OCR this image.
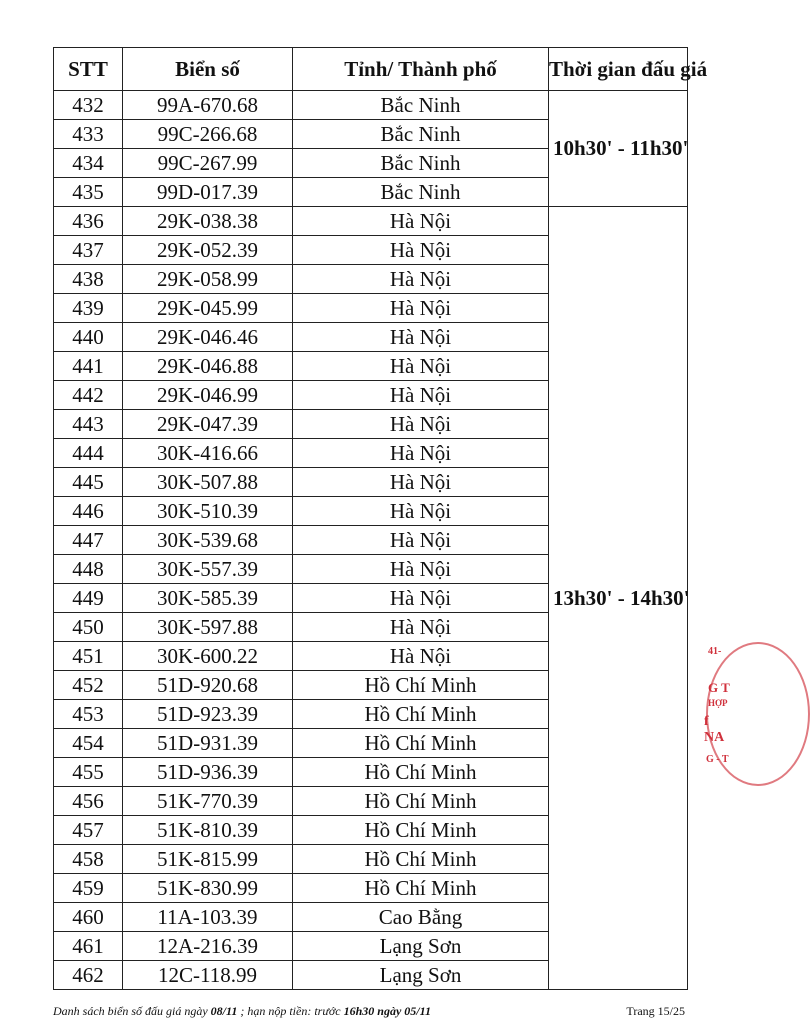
STT	Biển số	Tỉnh/ Thành phố	Thời gian đấu giá
432	99A-670.68	Bắc Ninh	10h30' - 11h30'
433	99C-266.68	Bắc Ninh	
434	99C-267.99	Bắc Ninh	
435	99D-017.39	Bắc Ninh	
436	29K-038.38	Hà Nội	13h30' - 14h30'
437	29K-052.39	Hà Nội	
438	29K-058.99	Hà Nội	
439	29K-045.99	Hà Nội	
440	29K-046.46	Hà Nội	
441	29K-046.88	Hà Nội	
442	29K-046.99	Hà Nội	
443	29K-047.39	Hà Nội	
444	30K-416.66	Hà Nội	
445	30K-507.88	Hà Nội	
446	30K-510.39	Hà Nội	
447	30K-539.68	Hà Nội	
448	30K-557.39	Hà Nội	
449	30K-585.39	Hà Nội	
450	30K-597.88	Hà Nội	
451	30K-600.22	Hà Nội	
452	51D-920.68	Hồ Chí Minh	
453	51D-923.39	Hồ Chí Minh	
454	51D-931.39	Hồ Chí Minh	
455	51D-936.39	Hồ Chí Minh	
456	51K-770.39	Hồ Chí Minh	
457	51K-810.39	Hồ Chí Minh	
458	51K-815.99	Hồ Chí Minh	
459	51K-830.99	Hồ Chí Minh	
460	11A-103.39	Cao Bằng	
461	12A-216.39	Lạng Sơn	
462	12C-118.99	Lạng Sơn	
Danh sách biển số đấu giá ngày 08/11 ; hạn nộp tiền: trước 16h30 ngày 05/11	Trang 15/25
41-
G T
HỢP
f NA
G - T
